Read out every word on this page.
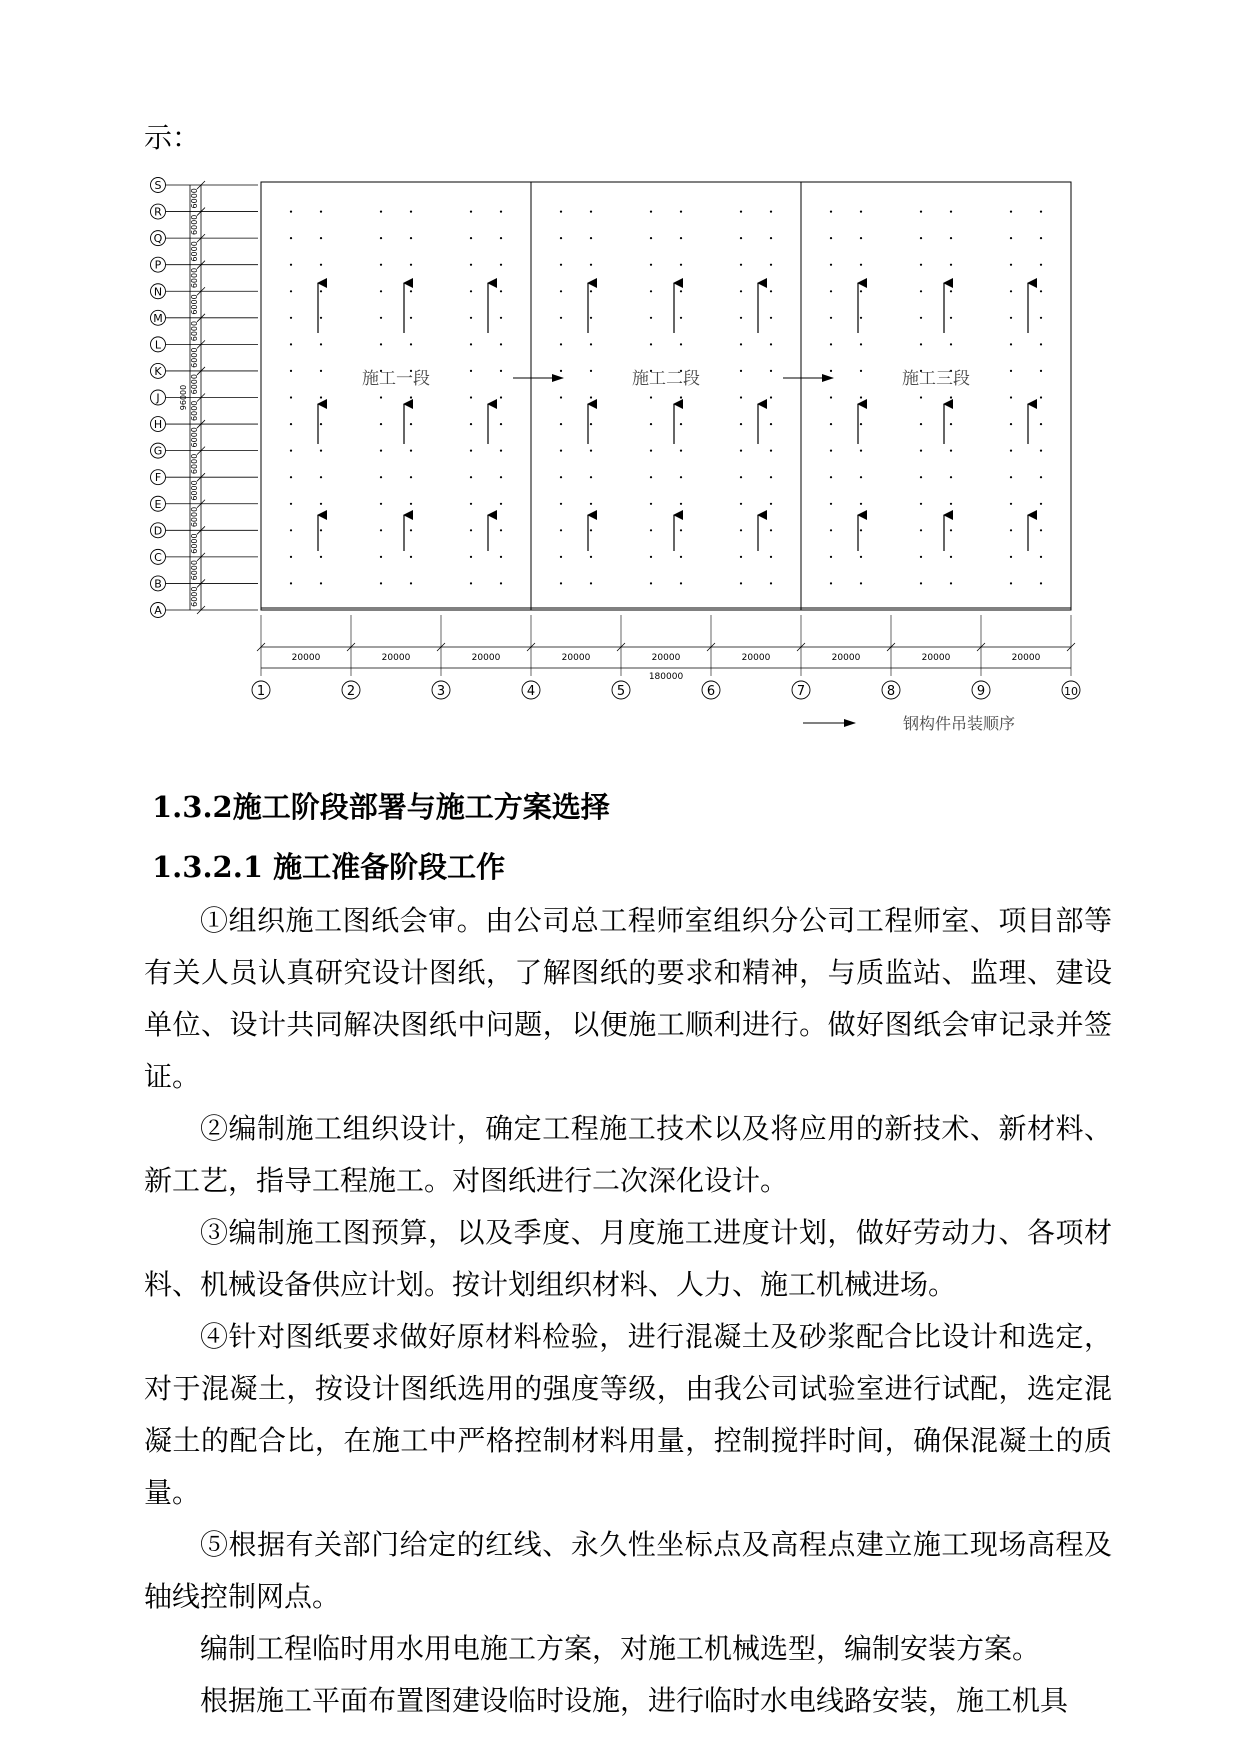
示：
S
R
Q
P
N
M
L
K
J
H
G
F
E
D
C
B
A
6000
6000
6000
6000
6000
6000
6000
6000
6000
6000
6000
6000
6000
6000
6000
6000
96000
1	2	3	4	5	6	7	8	9	10
20000	20000	20000	20000	20000	20000	20000	20000	20000
180000
施工一段	施工二段	施工三段
钢构件吊装顺序
1.3.2施工阶段部署与施工方案选择
1.3.2.1 施工准备阶段工作

①组织施工图纸会审。由公司总工程师室组织分公司工程师室、项目部等有关人员认真研究设计图纸，了解图纸的要求和精神，与质监站、监理、建设单位、设计共同解决图纸中问题，以便施工顺利进行。做好图纸会审记录并签证。

②编制施工组织设计，确定工程施工技术以及将应用的新技术、新材料、新工艺，指导工程施工。对图纸进行二次深化设计。

③编制施工图预算，以及季度、月度施工进度计划，做好劳动力、各项材料、机械设备供应计划。按计划组织材料、人力、施工机械进场。

④针对图纸要求做好原材料检验，进行混凝土及砂浆配合比设计和选定，对于混凝土，按设计图纸选用的强度等级，由我公司试验室进行试配，选定混凝土的配合比，在施工中严格控制材料用量，控制搅拌时间，确保混凝土的质量。

⑤根据有关部门给定的红线、永久性坐标点及高程点建立施工现场高程及轴线控制网点。

编制工程临时用水用电施工方案，对施工机械选型，编制安装方案。

根据施工平面布置图建设临时设施，进行临时水电线路安装，施工机具
